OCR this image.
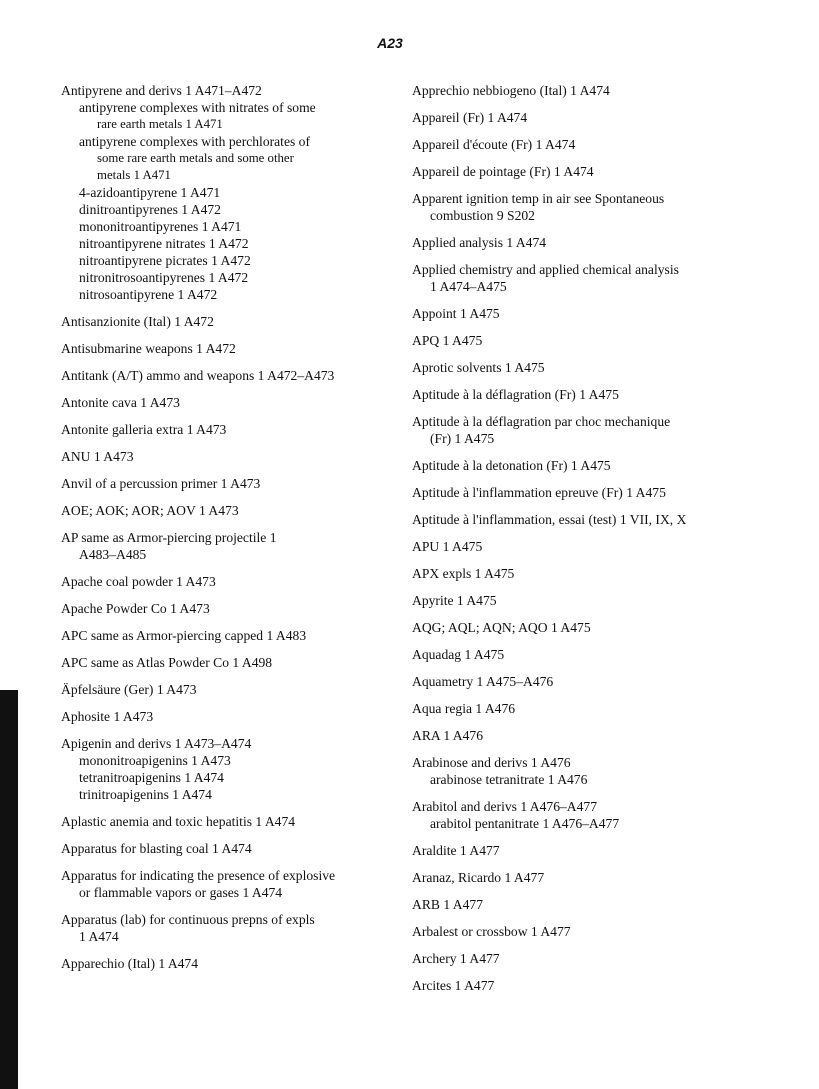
A23
Antipyrene and derivs 1 A471–A472
antipyrene complexes with nitrates of some
rare earth metals 1 A471
antipyrene complexes with perchlorates of
some rare earth metals and some other
metals 1 A471
4-azidoantipyrene 1 A471
dinitroantipyrenes 1 A472
mononitroantipyrenes 1 A471
nitroantipyrene nitrates 1 A472
nitroantipyrene picrates 1 A472
nitronitrosoantipyrenes 1 A472
nitrosoantipyrene 1 A472
Antisanzionite (Ital) 1 A472
Antisubmarine weapons 1 A472
Antitank (A/T) ammo and weapons 1 A472–A473
Antonite cava 1 A473
Antonite galleria extra 1 A473
ANU 1 A473
Anvil of a percussion primer 1 A473
AOE; AOK; AOR; AOV 1 A473
AP same as Armor-piercing projectile 1
A483–A485
Apache coal powder 1 A473
Apache Powder Co 1 A473
APC same as Armor-piercing capped 1 A483
APC same as Atlas Powder Co 1 A498
Äpfelsäure (Ger) 1 A473
Aphosite 1 A473
Apigenin and derivs 1 A473–A474
mononitroapigenins 1 A473
tetranitroapigenins 1 A474
trinitroapigenins 1 A474
Aplastic anemia and toxic hepatitis 1 A474
Apparatus for blasting coal 1 A474
Apparatus for indicating the presence of explosive
or flammable vapors or gases 1 A474
Apparatus (lab) for continuous prepns of expls
1 A474
Apparechio (Ital) 1 A474
Apprechio nebbiogeno (Ital) 1 A474
Appareil (Fr) 1 A474
Appareil d'écoute (Fr) 1 A474
Appareil de pointage (Fr) 1 A474
Apparent ignition temp in air see Spontaneous
combustion 9 S202
Applied analysis 1 A474
Applied chemistry and applied chemical analysis
1 A474–A475
Appoint 1 A475
APQ 1 A475
Aprotic solvents 1 A475
Aptitude à la déflagration (Fr) 1 A475
Aptitude à la déflagration par choc mechanique
(Fr) 1 A475
Aptitude à la detonation (Fr) 1 A475
Aptitude à l'inflammation epreuve (Fr) 1 A475
Aptitude à l'inflammation, essai (test) 1 VII, IX, X
APU 1 A475
APX expls 1 A475
Apyrite 1 A475
AQG; AQL; AQN; AQO 1 A475
Aquadag 1 A475
Aquametry 1 A475–A476
Aqua regia 1 A476
ARA 1 A476
Arabinose and derivs 1 A476
arabinose tetranitrate 1 A476
Arabitol and derivs 1 A476–A477
arabitol pentanitrate 1 A476–A477
Araldite 1 A477
Aranaz, Ricardo 1 A477
ARB 1 A477
Arbalest or crossbow 1 A477
Archery 1 A477
Arcites 1 A477
